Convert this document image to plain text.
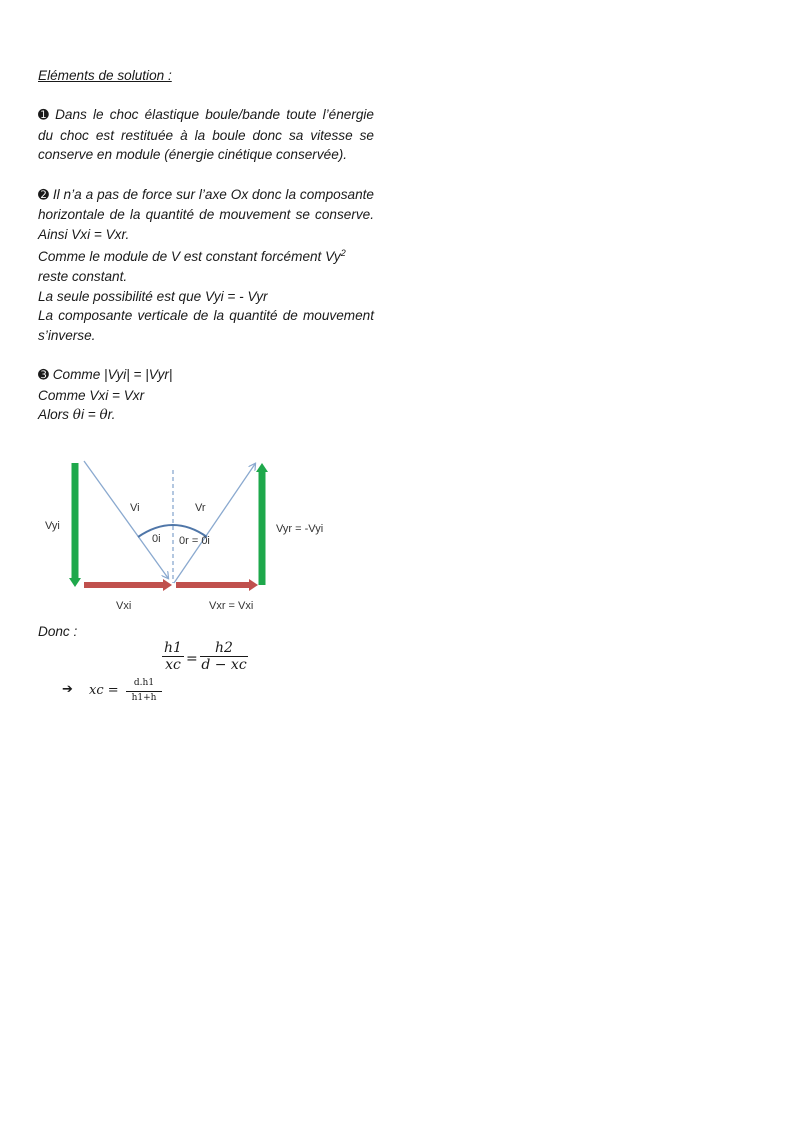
Eléments de solution :

➊ Dans le choc élastique boule/bande toute l’énergie du choc est restituée à la boule donc sa vitesse se conserve en module (énergie cinétique conservée).

➋ Il n’a a pas de force sur l’axe Ox donc la composante horizontale de la quantité de mouvement se conserve. Ainsi Vxi = Vxr.

Comme le module de V est constant forcément Vy$^2$ reste constant.

La seule possibilité est que Vyi = - Vyr

La composante verticale de la quantité de mouvement s’inverse.

➌ Comme |Vyi| = |Vyr|

Comme Vxi = Vxr

Alors θi = θr.

Vyi	Vyr = -Vyi
Vi	Vr
0i 0r = 0i
Vxi	Vxr = Vxi

Donc :

h1
xc =
h2
d − xc
➔ xc =	d.h1
h1+h
